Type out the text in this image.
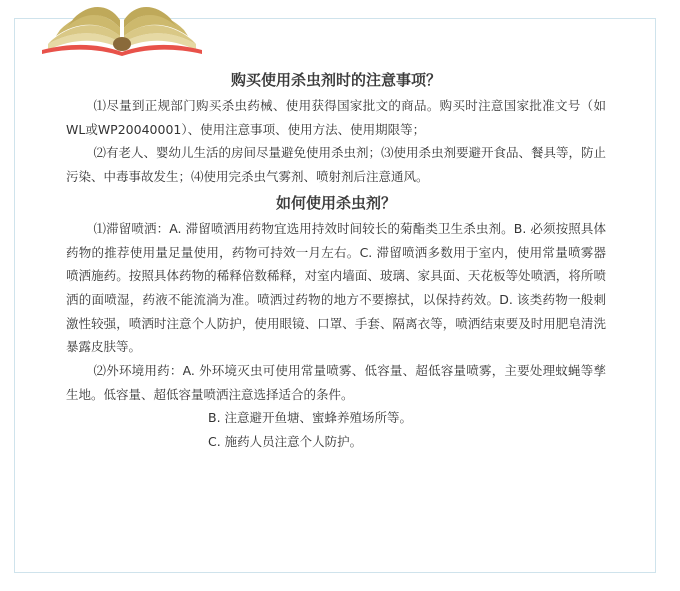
购买使用杀虫剂时的注意事项？

⑴尽量到正规部门购买杀虫药械、使用获得国家批文的商品。购买时注意国家批准文号（如WL或WP20040001）、使用注意事项、使用方法、使用期限等；

⑵有老人、婴幼儿生活的房间尽量避免使用杀虫剂；⑶使用杀虫剂要避开食品、餐具等，防止污染、中毒事故发生；⑷使用完杀虫气雾剂、喷射剂后注意通风。

如何使用杀虫剂？

⑴滞留喷洒：A. 滞留喷洒用药物宜选用持效时间较长的菊酯类卫生杀虫剂。B. 必须按照具体药物的推荐使用量足量使用，药物可持效一月左右。C. 滞留喷洒多数用于室内，使用常量喷雾器喷洒施药。按照具体药物的稀释倍数稀释，对室内墙面、玻璃、家具面、天花板等处喷洒，将所喷洒的面喷湿，药液不能流淌为准。喷洒过药物的地方不要擦拭，以保持药效。D. 该类药物一般刺激性较强，喷洒时注意个人防护，使用眼镜、口罩、手套、隔离衣等，喷洒结束要及时用肥皂清洗暴露皮肤等。

⑵外环境用药：A. 外环境灭虫可使用常量喷雾、低容量、超低容量喷雾，主要处理蚊蝇等孳生地。低容量、超低容量喷洒注意选择适合的条件。

B. 注意避开鱼塘、蜜蜂养殖场所等。

C. 施药人员注意个人防护。
